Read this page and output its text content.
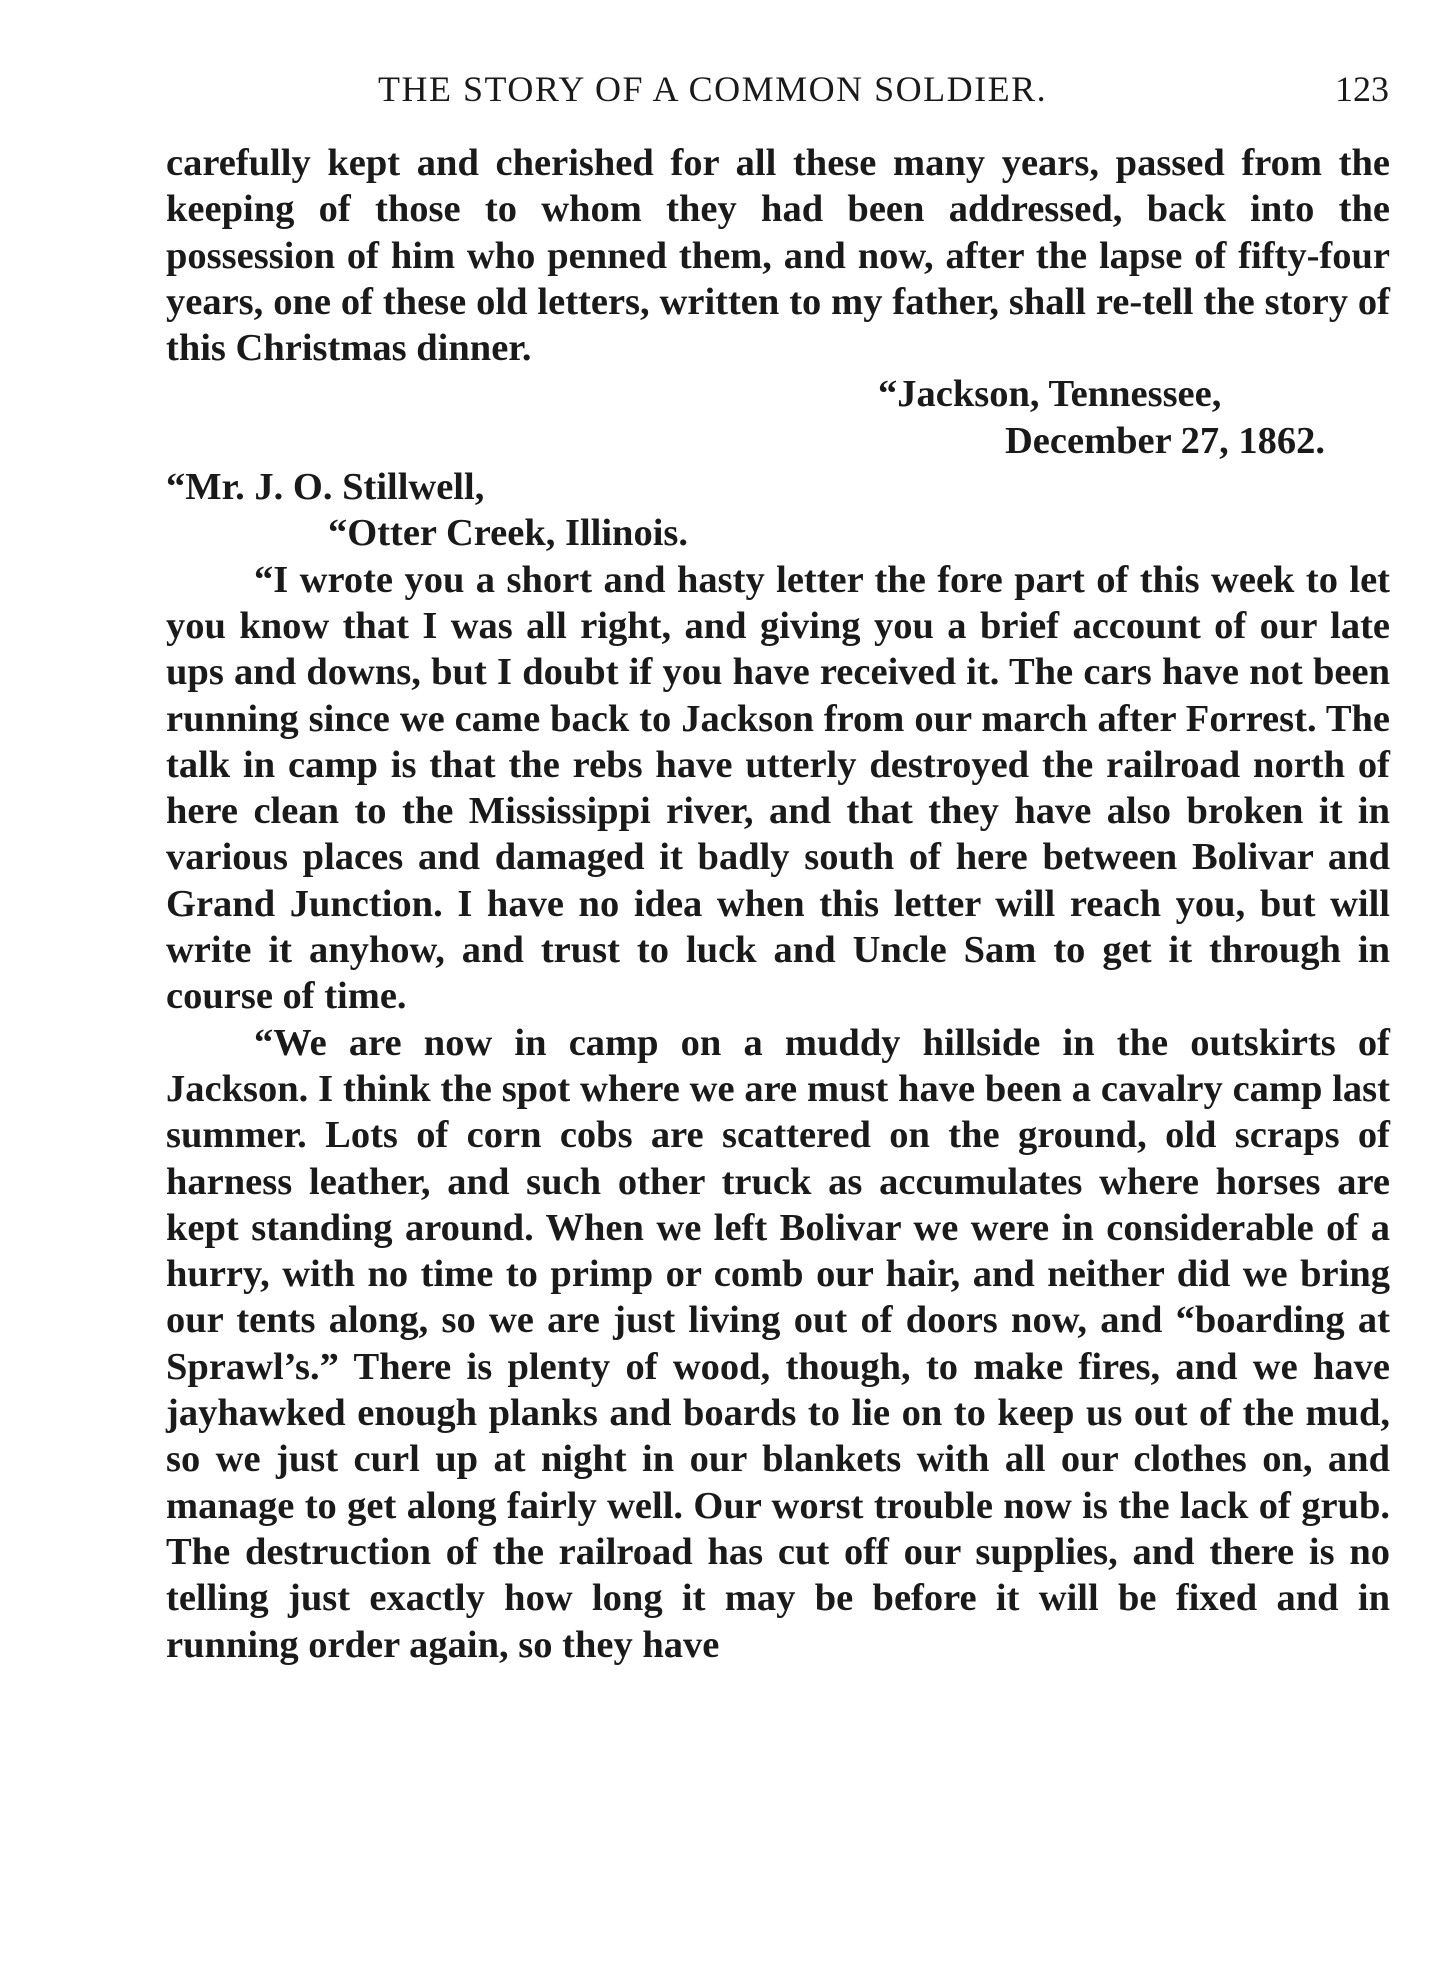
THE STORY OF A COMMON SOLDIER.	123

carefully kept and cherished for all these many years, passed from the keeping of those to whom they had been addressed, back into the possession of him who penned them, and now, after the lapse of fifty-four years, one of these old letters, written to my father, shall re-tell the story of this Christmas dinner.

“Jackson, Tennessee,
December 27, 1862.
“Mr. J. O. Stillwell,
“Otter Creek, Illinois.

“I wrote you a short and hasty letter the fore part of this week to let you know that I was all right, and giving you a brief account of our late ups and downs, but I doubt if you have received it. The cars have not been running since we came back to Jackson from our march after Forrest. The talk in camp is that the rebs have utterly destroyed the railroad north of here clean to the Mississippi river, and that they have also broken it in various places and damaged it badly south of here between Bolivar and Grand Junction. I have no idea when this letter will reach you, but will write it anyhow, and trust to luck and Uncle Sam to get it through in course of time.

“We are now in camp on a muddy hillside in the outskirts of Jackson. I think the spot where we are must have been a cavalry camp last summer. Lots of corn cobs are scattered on the ground, old scraps of harness leather, and such other truck as accumulates where horses are kept standing around. When we left Bolivar we were in considerable of a hurry, with no time to primp or comb our hair, and neither did we bring our tents along, so we are just living out of doors now, and “boarding at Sprawl’s.” There is plenty of wood, though, to make fires, and we have jayhawked enough planks and boards to lie on to keep us out of the mud, so we just curl up at night in our blankets with all our clothes on, and manage to get along fairly well. Our worst trouble now is the lack of grub. The destruction of the railroad has cut off our supplies, and there is no telling just exactly how long it may be before it will be fixed and in running order again, so they have
